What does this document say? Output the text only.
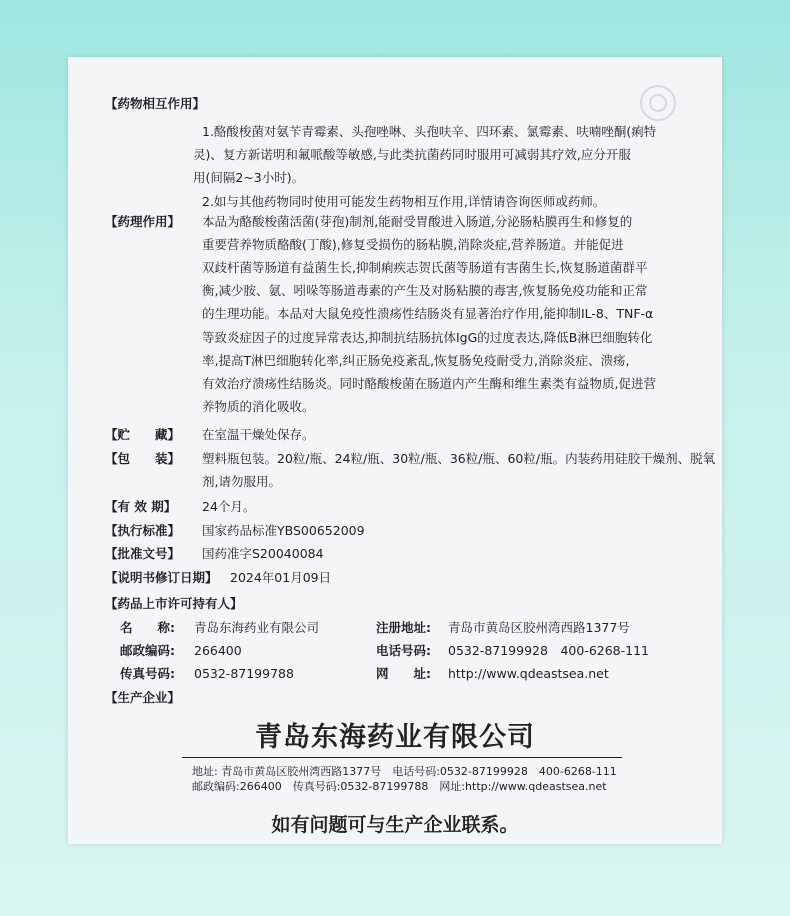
【药物相互作用】
1.酪酸梭菌对氨苄青霉素、头孢唑啉、头孢呋辛、四环素、氯霉素、呋喃唑酮(痢特
灵)、复方新诺明和氟哌酸等敏感,与此类抗菌药同时服用可减弱其疗效,应分开服
用(间隔2~3小时)。
2.如与其他药物同时使用可能发生药物相互作用,详情请咨询医师或药师。
【药理作用】 本品为酪酸梭菌活菌(芽孢)制剂,能耐受胃酸进入肠道,分泌肠粘膜再生和修复的
重要营养物质酪酸(丁酸),修复受损伤的肠粘膜,消除炎症,营养肠道。并能促进
双歧杆菌等肠道有益菌生长,抑制痢疾志贺氏菌等肠道有害菌生长,恢复肠道菌群平
衡,减少胺、氨、吲哚等肠道毒素的产生及对肠粘膜的毒害,恢复肠免疫功能和正常
的生理功能。本品对大鼠免疫性溃疡性结肠炎有显著治疗作用,能抑制IL-8、TNF-α
等致炎症因子的过度异常表达,抑制抗结肠抗体IgG的过度表达,降低B淋巴细胞转化
率,提高T淋巴细胞转化率,纠正肠免疫紊乱,恢复肠免疫耐受力,消除炎症、溃疡,
有效治疗溃疡性结肠炎。同时酪酸梭菌在肠道内产生酶和维生素类有益物质,促进营
养物质的消化吸收。
【贮　　藏】 在室温干燥处保存。
【包　　装】 塑料瓶包装。20粒/瓶、24粒/瓶、30粒/瓶、36粒/瓶、60粒/瓶。内装药用硅胶干燥剂、脱氧
剂,请勿服用。
【有 效 期】 24个月。
【执行标准】 国家药品标准YBS00652009
【批准文号】 国药准字S20040084
【说明书修订日期】 2024年01月09日
【药品上市许可持有人】
名　　称: 青岛东海药业有限公司	注册地址: 青岛市黄岛区胶州湾西路1377号
邮政编码: 266400	电话号码: 0532-87199928　400-6268-111
传真号码: 0532-87199788	网　　址: http://www.qdeastsea.net
【生产企业】
青岛东海药业有限公司
地址: 青岛市黄岛区胶州湾西路1377号　电话号码:0532-87199928　400-6268-111
邮政编码:266400　传真号码:0532-87199788　网址:http://www.qdeastsea.net
如有问题可与生产企业联系。
